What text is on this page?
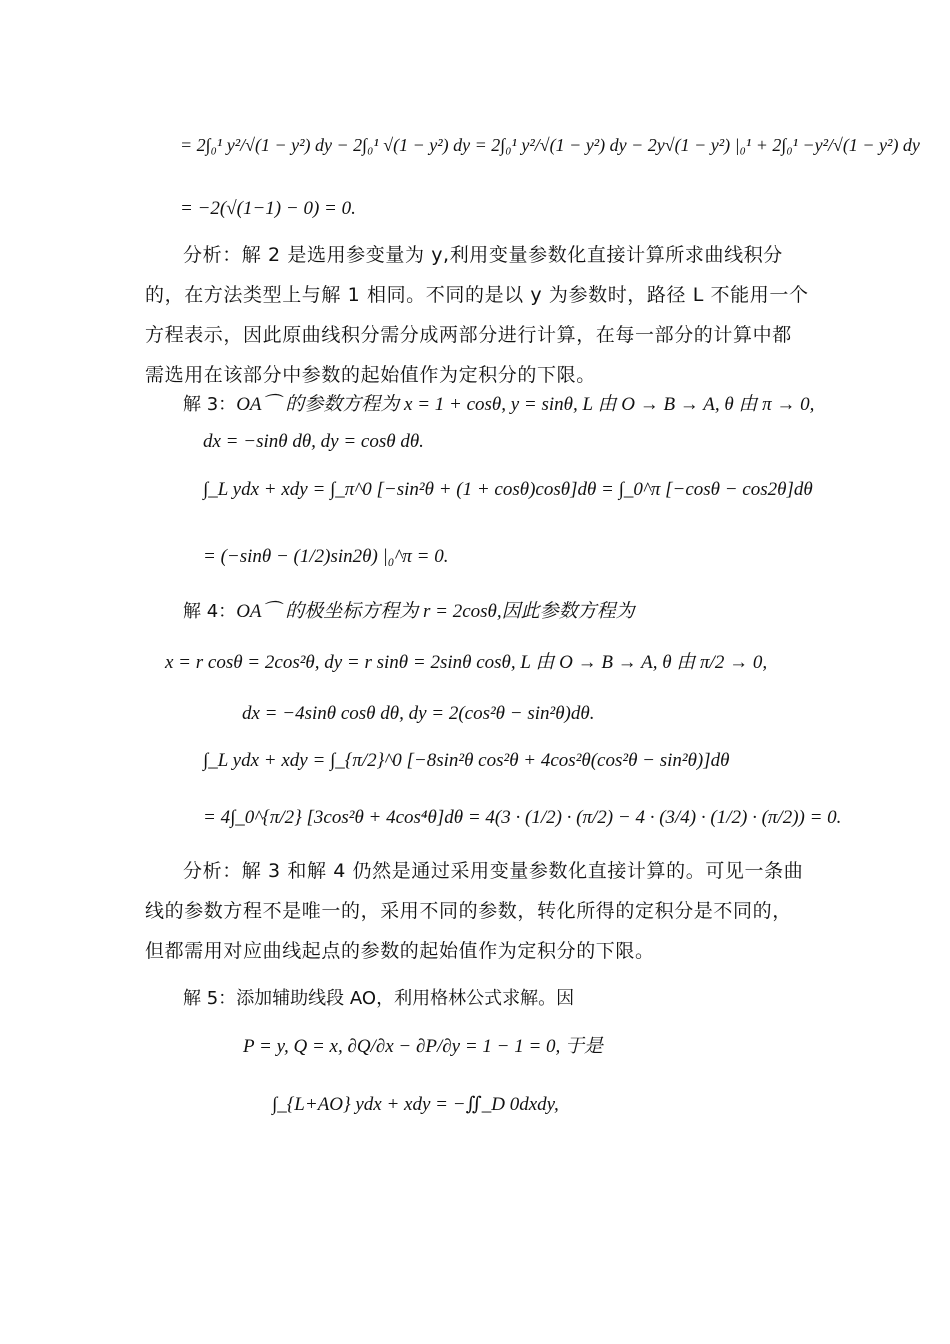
= 2∫₀¹ y²/√(1 − y²) dy − 2∫₀¹ √(1 − y²) dy = 2∫₀¹ y²/√(1 − y²) dy − 2y√(1 − y²) |₀¹ + 2∫₀¹ −y²/√(1 − y²) dy
= −2(√(1−1) − 0) = 0.
分析：解 2 是选用参变量为 y,利用变量参数化直接计算所求曲线积分的，在方法类型上与解 1 相同。不同的是以 y 为参数时，路径 L 不能用一个方程表示，因此原曲线积分需分成两部分进行计算，在每一部分的计算中都需选用在该部分中参数的起始值作为定积分的下限。
解 3：OA⌒ 的参数方程为 x = 1 + cosθ, y = sinθ, L 由 O → B → A, θ 由 π → 0,
dx = −sinθ dθ, dy = cosθ dθ.
∫_L ydx + xdy = ∫_π^0 [−sin²θ + (1 + cosθ)cosθ]dθ = ∫_0^π [−cosθ − cos2θ]dθ
= (−sinθ − (1/2)sin2θ) |₀^π = 0.
解 4：OA⌒ 的极坐标方程为 r = 2cosθ,因此参数方程为
x = r cosθ = 2cos²θ, dy = r sinθ = 2sinθ cosθ, L 由 O → B → A, θ 由 π/2 → 0,
dx = −4sinθ cosθ dθ, dy = 2(cos²θ − sin²θ)dθ.
∫_L ydx + xdy = ∫_{π/2}^0 [−8sin²θ cos²θ + 4cos²θ(cos²θ − sin²θ)]dθ
= 4∫_0^{π/2} [3cos²θ + 4cos⁴θ]dθ = 4(3 · (1/2) · (π/2) − 4 · (3/4) · (1/2) · (π/2)) = 0.
分析：解 3 和解 4 仍然是通过采用变量参数化直接计算的。可见一条曲线的参数方程不是唯一的，采用不同的参数，转化所得的定积分是不同的，但都需用对应曲线起点的参数的起始值作为定积分的下限。
解 5：添加辅助线段 AO，利用格林公式求解。因
P = y, Q = x, ∂Q/∂x − ∂P/∂y = 1 − 1 = 0, 于是
∫_{L+AO} ydx + xdy = −∬_D 0dxdy,
